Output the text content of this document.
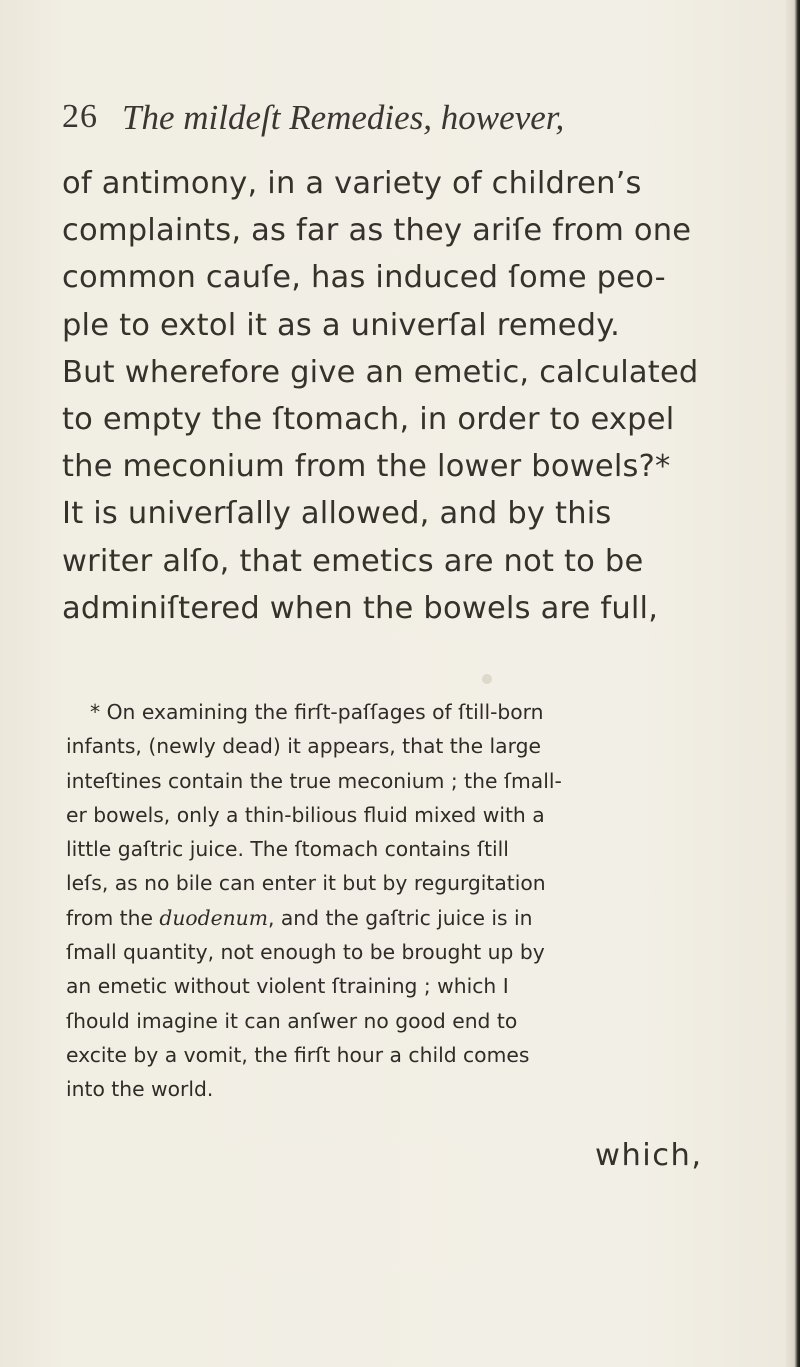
26 The mildeſt Remedies, however,
of antimony, in a variety of children’s
complaints, as far as they ariſe from one
common cauſe, has induced ſome peo-
ple to extol it as a univerſal remedy.
But wherefore give an emetic, calculated
to empty the ſtomach, in order to expel
the meconium from the lower bowels?*
It is univerſally allowed, and by this
writer alſo, that emetics are not to be
adminiſtered when the bowels are full,
* On examining the firſt-paſſages of ſtill-born
infants, (newly dead) it appears, that the large
inteſtines contain the true meconium ; the ſmall-
er bowels, only a thin-bilious fluid mixed with a
little gaſtric juice. The ſtomach contains ſtill
leſs, as no bile can enter it but by regurgitation
from the duodenum, and the gaſtric juice is in
ſmall quantity, not enough to be brought up by
an emetic without violent ſtraining ; which I
ſhould imagine it can anſwer no good end to
excite by a vomit, the firſt hour a child comes
into the world.
which,
